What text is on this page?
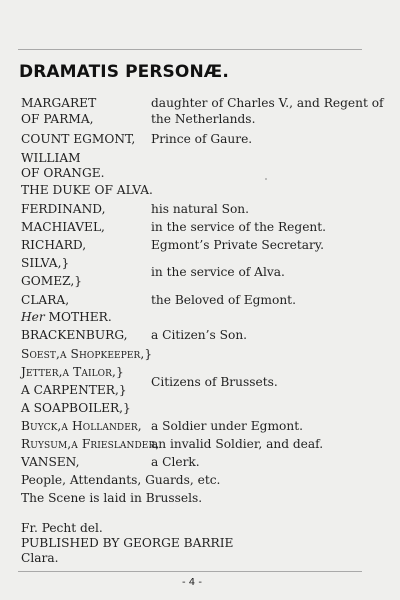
DRAMATIS PERSONÆ.
MARGARET
OF PARMA,
COUNT EGMONT,
WILLIAM
OF ORANGE.
THE DUKE OF ALVA.
FERDINAND,
MACHIAVEL,
RICHARD,
SILVA,}
GOMEZ,}
CLARA,
Her MOTHER.
BRACKENBURG,
Soest,a Shopkeeper,}
Jetter,a Tailor,}
A CARPENTER,}
A SOAPBOILER,}
Buyck,a Hollander,
Ruysum,a Frieslander,
VANSEN,
daughter of Charles V., and Regent of
the Netherlands.
Prince of Gaure.
his natural Son.
in the service of the Regent.
Egmont’s Private Secretary.
in the service of Alva.
the Beloved of Egmont.
a Citizen’s Son.
Citizens of Brussets.
a Soldier under Egmont.
an invalid Soldier, and deaf.
a Clerk.
People, Attendants, Guards, etc.
The Scene is laid in Brussels.
Fr. Pecht del.
PUBLISHED BY GEORGE BARRIE
Clara.
- 4 -
